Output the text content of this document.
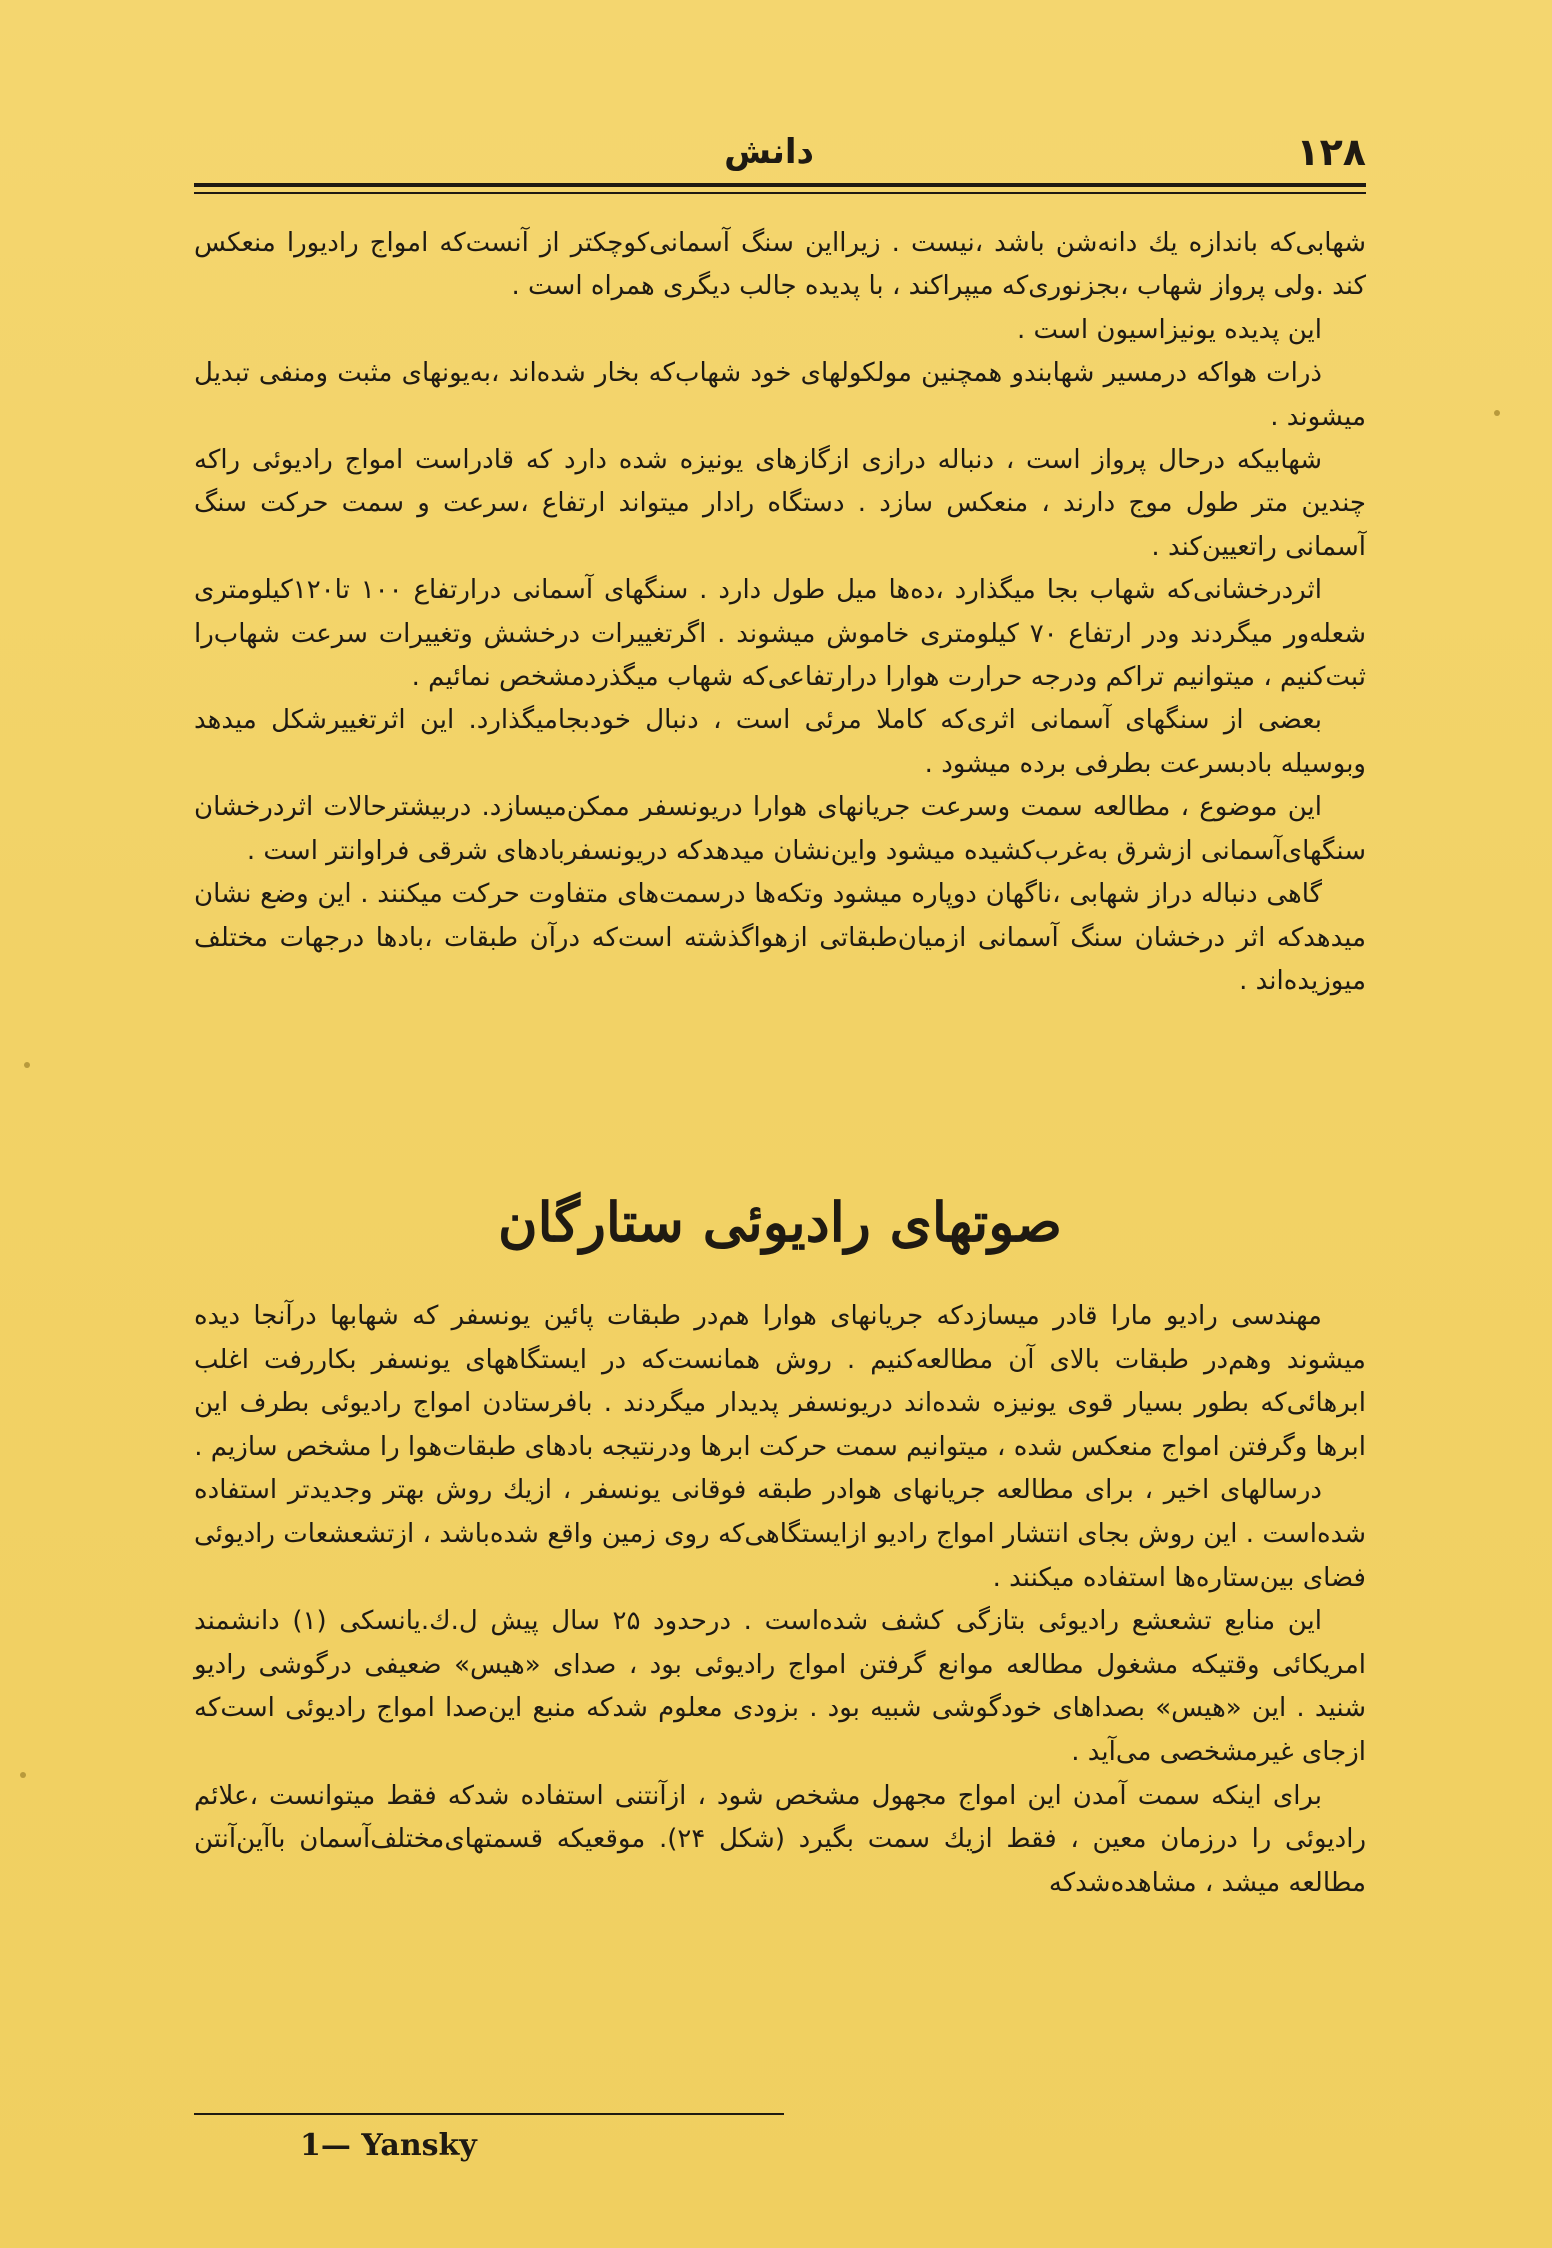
۱۲۸
دانش

شهابی‌که باندازه یك دانه‌شن باشد ،نیست . زیرااین سنگ آسمانی‌کوچکتر از آنست‌که امواج رادیورا منعکس کند .ولی پرواز شهاب ،بجزنوری‌که میپراکند ، با پدیده جالب دیگری همراه است .

این پدیده یونیزاسیون است .

ذرات هواکه درمسیر شهابندو همچنین مولکولهای خود شهاب‌که بخار شده‌اند ،به‌یونهای مثبت ومنفی تبدیل میشوند .

شهابیکه درحال پرواز است ، دنباله درازی ازگازهای یونیزه شده دارد که قادراست امواج رادیوئی راکه چندین متر طول موج دارند ، منعکس سازد . دستگاه رادار میتواند ارتفاع ،سرعت و سمت حرکت سنگ آسمانی راتعیین‌کند .

اثردرخشانی‌که شهاب بجا میگذارد ،ده‌ها میل طول دارد . سنگهای آسمانی درارتفاع ۱۰۰ تا۱۲۰کیلومتری شعله‌ور میگردند ودر ارتفاع ۷۰ کیلومتری خاموش میشوند . اگرتغییرات درخشش وتغییرات سرعت شهاب‌را ثبت‌کنیم ، میتوانیم تراکم ودرجه حرارت هوارا درارتفاعی‌که شهاب میگذردمشخص نمائیم .

بعضی از سنگهای آسمانی اثری‌که کاملا مرئی است ، دنبال خودبجامیگذارد. این اثرتغییرشکل میدهد وبوسیله بادبسرعت بطرفی برده میشود .

این موضوع ، مطالعه سمت وسرعت جریانهای هوارا دریونسفر ممکن‌میسازد. دربیشترحالات اثردرخشان سنگهای‌آسمانی ازشرق به‌غرب‌کشیده میشود واین‌نشان میدهدکه دریونسفربادهای شرقی فراوانتر است .

گاهی دنباله دراز شهابی ،ناگهان دوپاره میشود وتکه‌ها درسمت‌های متفاوت حرکت میکنند . این وضع نشان میدهدکه اثر درخشان سنگ آسمانی ازمیان‌طبقاتی ازهواگذشته است‌که درآن طبقات ،بادها درجهات مختلف میوزیده‌اند .

صوتهای رادیوئی ستارگان

مهندسی رادیو مارا قادر میسازدکه جریانهای هوارا هم‌در طبقات پائین یونسفر که شهابها درآنجا دیده میشوند وهم‌در طبقات بالای آن مطالعه‌کنیم . روش همانست‌که در ایستگاههای یونسفر بکاررفت اغلب ابرهائی‌که بطور بسیار قوی یونیزه شده‌اند دریونسفر پدیدار میگردند . بافرستادن امواج رادیوئی بطرف این ابرها وگرفتن امواج منعکس شده ، میتوانیم سمت حرکت ابرها ودرنتیجه بادهای طبقات‌هوا را مشخص سازیم .

درسالهای اخیر ، برای مطالعه جریانهای هوادر طبقه فوقانی یونسفر ، ازیك روش بهتر وجدیدتر استفاده شده‌است . این روش بجای انتشار امواج رادیو ازایستگاهی‌که روی زمین واقع شده‌باشد ، ازتشعشعات رادیوئی فضای بین‌ستاره‌ها استفاده میکنند .

این منابع تشعشع رادیوئی بتازگی کشف شده‌است . درحدود ۲۵ سال پیش ل.ك.یانسکی (۱) دانشمند امریکائی وقتیکه مشغول مطالعه موانع گرفتن امواج رادیوئی بود ، صدای «هیس» ضعیفی درگوشی رادیو شنید . این «هیس» بصداهای خودگوشی شبیه بود . بزودی معلوم شدکه منبع این‌صدا امواج رادیوئی است‌که ازجای غیرمشخصی می‌آید .

برای اینکه سمت آمدن این امواج مجهول مشخص شود ، ازآنتنی استفاده شدکه فقط میتوانست ،علائم رادیوئی را درزمان معین ، فقط ازیك سمت بگیرد (شکل ۲۴). موقعیکه قسمتهای‌مختلف‌آسمان باآین‌آنتن مطالعه میشد ، مشاهده‌شدکه

1— Yansky
